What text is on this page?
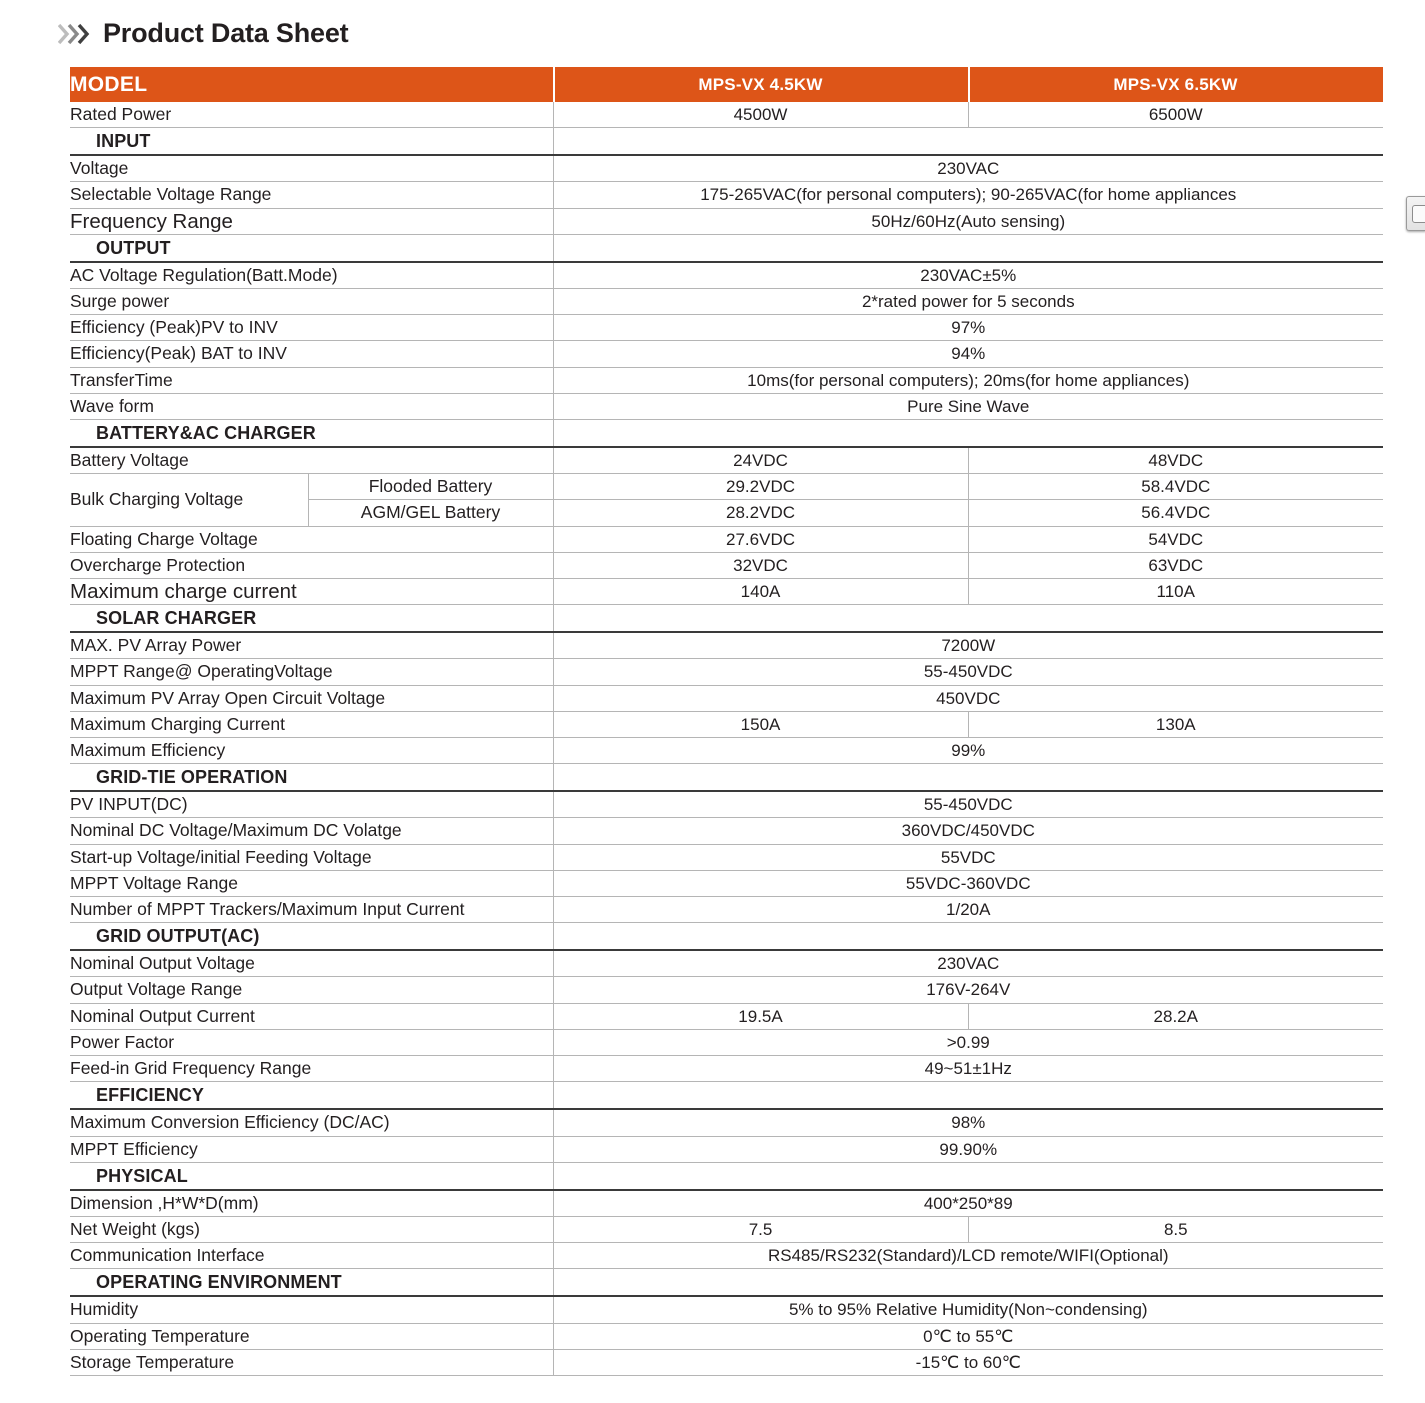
Product Data Sheet
MODEL		MPS-VX 4.5KW	MPS-VX 6.5KW
Rated Power		4500W	6500W
INPUT			
Voltage		230VAC	
Selectable Voltage Range		175-265VAC(for personal computers); 90-265VAC(for home appliances	
Frequency Range		50Hz/60Hz(Auto sensing)	
OUTPUT			
AC Voltage Regulation(Batt.Mode)		230VAC±5%	
Surge power		2*rated power for 5 seconds	
Efficiency (Peak)PV to INV		97%	
Efficiency(Peak) BAT to INV		94%	
TransferTime		10ms(for personal computers); 20ms(for home appliances)	
Wave form		Pure Sine Wave	
BATTERY&AC CHARGER			
Battery Voltage		24VDC	48VDC
Bulk Charging Voltage	Flooded Battery	29.2VDC	58.4VDC
	AGM/GEL Battery	28.2VDC	56.4VDC
Floating Charge Voltage		27.6VDC	54VDC
Overcharge Protection		32VDC	63VDC
Maximum charge current		140A	110A
SOLAR CHARGER			
MAX. PV Array Power		7200W	
MPPT Range@ OperatingVoltage		55-450VDC	
Maximum PV Array Open Circuit Voltage		450VDC	
Maximum Charging Current		150A	130A
Maximum Efficiency		99%	
GRID-TIE OPERATION			
PV INPUT(DC)		55-450VDC	
Nominal DC Voltage/Maximum DC Volatge		360VDC/450VDC	
Start-up Voltage/initial Feeding Voltage		55VDC	
MPPT Voltage Range		55VDC-360VDC	
Number of MPPT Trackers/Maximum Input Current		1/20A	
GRID OUTPUT(AC)			
Nominal Output Voltage		230VAC	
Output Voltage Range		176V-264V	
Nominal Output Current		19.5A	28.2A
Power Factor		>0.99	
Feed-in Grid Frequency Range		49~51±1Hz	
EFFICIENCY			
Maximum Conversion Efficiency (DC/AC)		98%	
MPPT Efficiency		99.90%	
PHYSICAL			
Dimension ,H*W*D(mm)		400*250*89	
Net Weight (kgs)		7.5	8.5
Communication Interface		RS485/RS232(Standard)/LCD remote/WIFI(Optional)	
OPERATING ENVIRONMENT			
Humidity		5% to 95% Relative Humidity(Non~condensing)	
Operating Temperature		0℃ to 55℃	
Storage Temperature		-15℃ to 60℃	
